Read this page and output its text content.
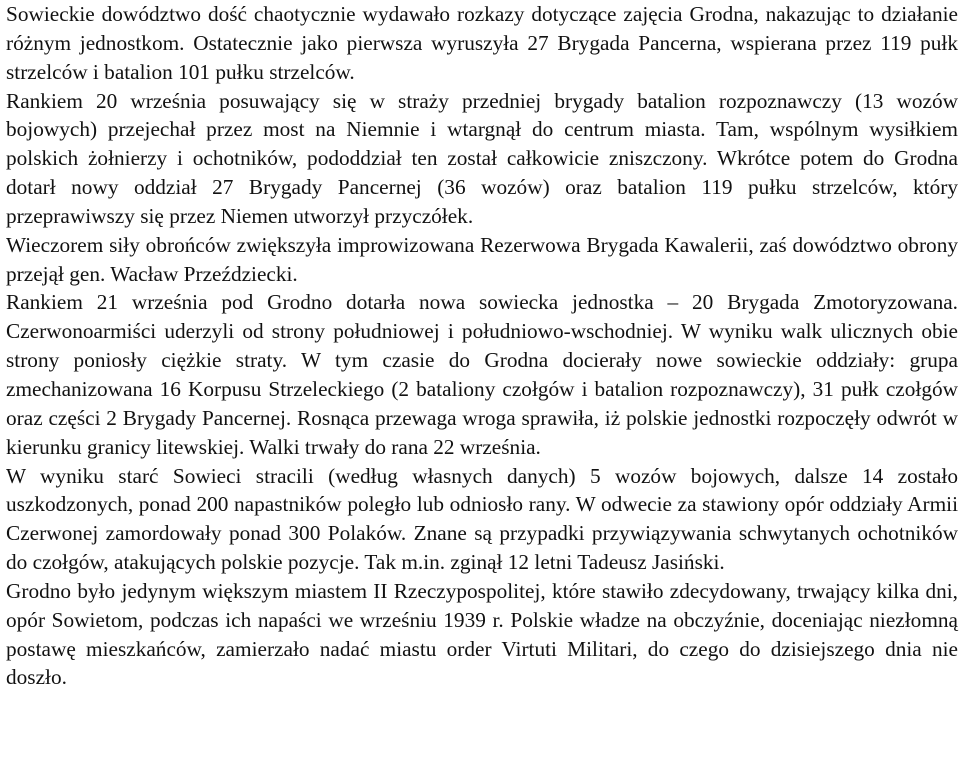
Sowieckie dowództwo dość chaotycznie wydawało rozkazy dotyczące zajęcia Grodna, nakazując to działanie różnym jednostkom. Ostatecznie jako pierwsza wyruszyła 27 Brygada Pancerna, wspierana przez 119 pułk strzelców i batalion 101 pułku strzelców.

Rankiem 20 września posuwający się w straży przedniej brygady batalion rozpoznawczy (13 wozów bojowych) przejechał przez most na Niemnie i wtargnął do centrum miasta. Tam, wspólnym wysiłkiem polskich żołnierzy i ochotników, pododdział ten został całkowicie zniszczony. Wkrótce potem do Grodna dotarł nowy oddział 27 Brygady Pancernej (36 wozów) oraz batalion 119 pułku strzelców, który przeprawiwszy się przez Niemen utworzył przyczółek.

Wieczorem siły obrońców zwiększyła improwizowana Rezerwowa Brygada Kawalerii, zaś dowództwo obrony przejął gen. Wacław Przeździecki.

Rankiem 21 września pod Grodno dotarła nowa sowiecka jednostka – 20 Brygada Zmotoryzowana. Czerwonoarmiści uderzyli od strony południowej i południowo-wschodniej. W wyniku walk ulicznych obie strony poniosły ciężkie straty. W tym czasie do Grodna docierały nowe sowieckie oddziały: grupa zmechanizowana 16 Korpusu Strzeleckiego (2 bataliony czołgów i batalion rozpoznawczy), 31 pułk czołgów oraz części 2 Brygady Pancernej. Rosnąca przewaga wroga sprawiła, iż polskie jednostki rozpoczęły odwrót w kierunku granicy litewskiej. Walki trwały do rana 22 września.

W wyniku starć Sowieci stracili (według własnych danych) 5 wozów bojowych, dalsze 14 zostało uszkodzonych, ponad 200 napastników poległo lub odniosło rany. W odwecie za stawiony opór oddziały Armii Czerwonej zamordowały ponad 300 Polaków. Znane są przypadki przywiązywania schwytanych ochotników do czołgów, atakujących polskie pozycje. Tak m.in. zginął 12 letni Tadeusz Jasiński.

Grodno było jedynym większym miastem II Rzeczypospolitej, które stawiło zdecydowany, trwający kilka dni, opór Sowietom, podczas ich napaści we wrześniu 1939 r. Polskie władze na obczyźnie, doceniając niezłomną postawę mieszkańców, zamierzało nadać miastu order Virtuti Militari, do czego do dzisiejszego dnia nie doszło.
